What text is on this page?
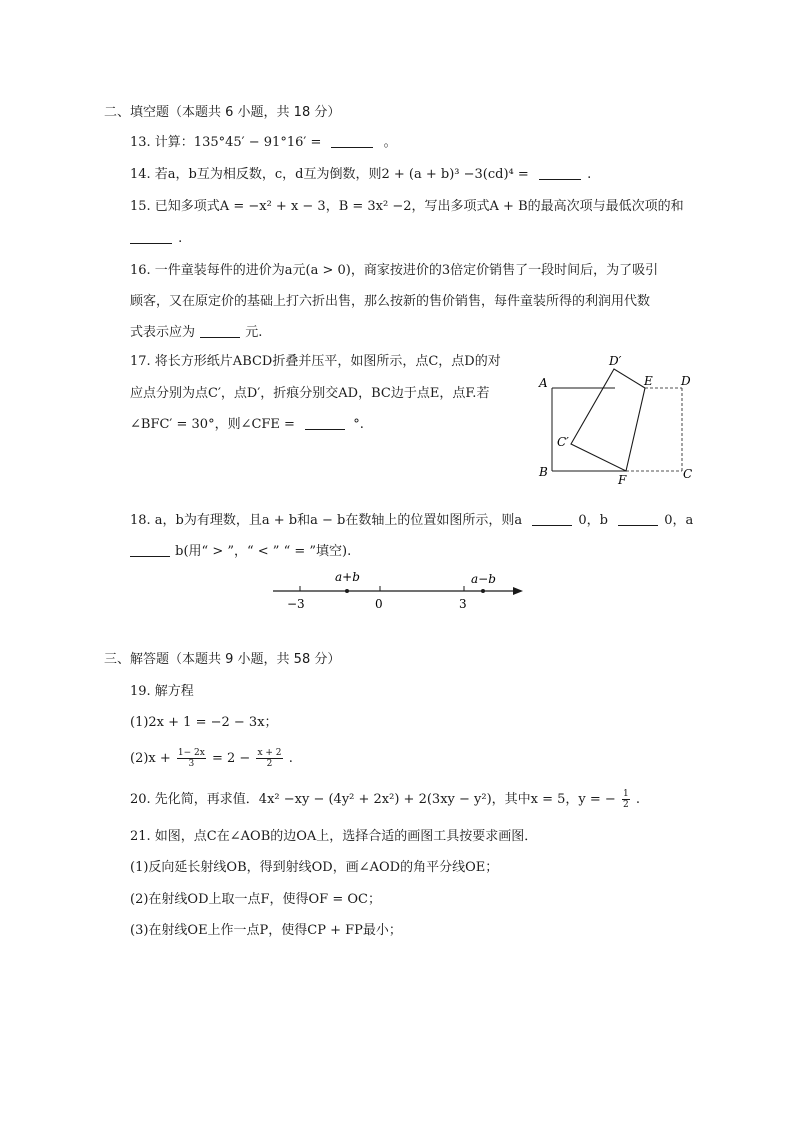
二、填空题（本题共 6 小题，共 18 分）
13. 计算：135°45′ − 91°16′ =	。
14. 若a，b互为相反数，c，d互为倒数，则2 + (a + b)³ −3(cd)⁴ =	.
15. 已知多项式A = −x² + x − 3，B = 3x² −2，写出多项式A + B的最高次项与最低次项的和
.
16. 一件童装每件的进价为a元(a > 0)，商家按进价的3倍定价销售了一段时间后，为了吸引
顾客，又在原定价的基础上打六折出售，那么按新的售价销售，每件童装所得的利润用代数
式表示应为	元.
17. 将长方形纸片ABCD折叠并压平，如图所示，点C，点D的对
应点分别为点C′，点D′，折痕分别交AD，BC边于点E，点F.若
∠BFC′ = 30°，则∠CFE =	°.
A
B	C
D
E
F
C′
D′
18. a，b为有理数，且a + b和a − b在数轴上的位置如图所示，则a	0，b	0，a
b(用“ > ”，“ < ” “ = ”填空).
a+b	a−b
−3	0	3
三、解答题（本题共 9 小题，共 58 分）
19. 解方程
(1)2x + 1 = −2 − 3x；
$(2)x + \frac{1- 2x}{3} = 2 - \frac{x + 2}{2}$ .
20. 先化简，再求值．4x² −xy − (4y² + 2x²) + 2(3xy − y²)，其中x = 5，y = − $\frac{1}{2}$ .
21. 如图，点C在∠AOB的边OA上，选择合适的画图工具按要求画图．
(1)反向延长射线OB，得到射线OD，画∠AOD的角平分线OE；
(2)在射线OD上取一点F，使得OF = OC；
(3)在射线OE上作一点P，使得CP + FP最小；
